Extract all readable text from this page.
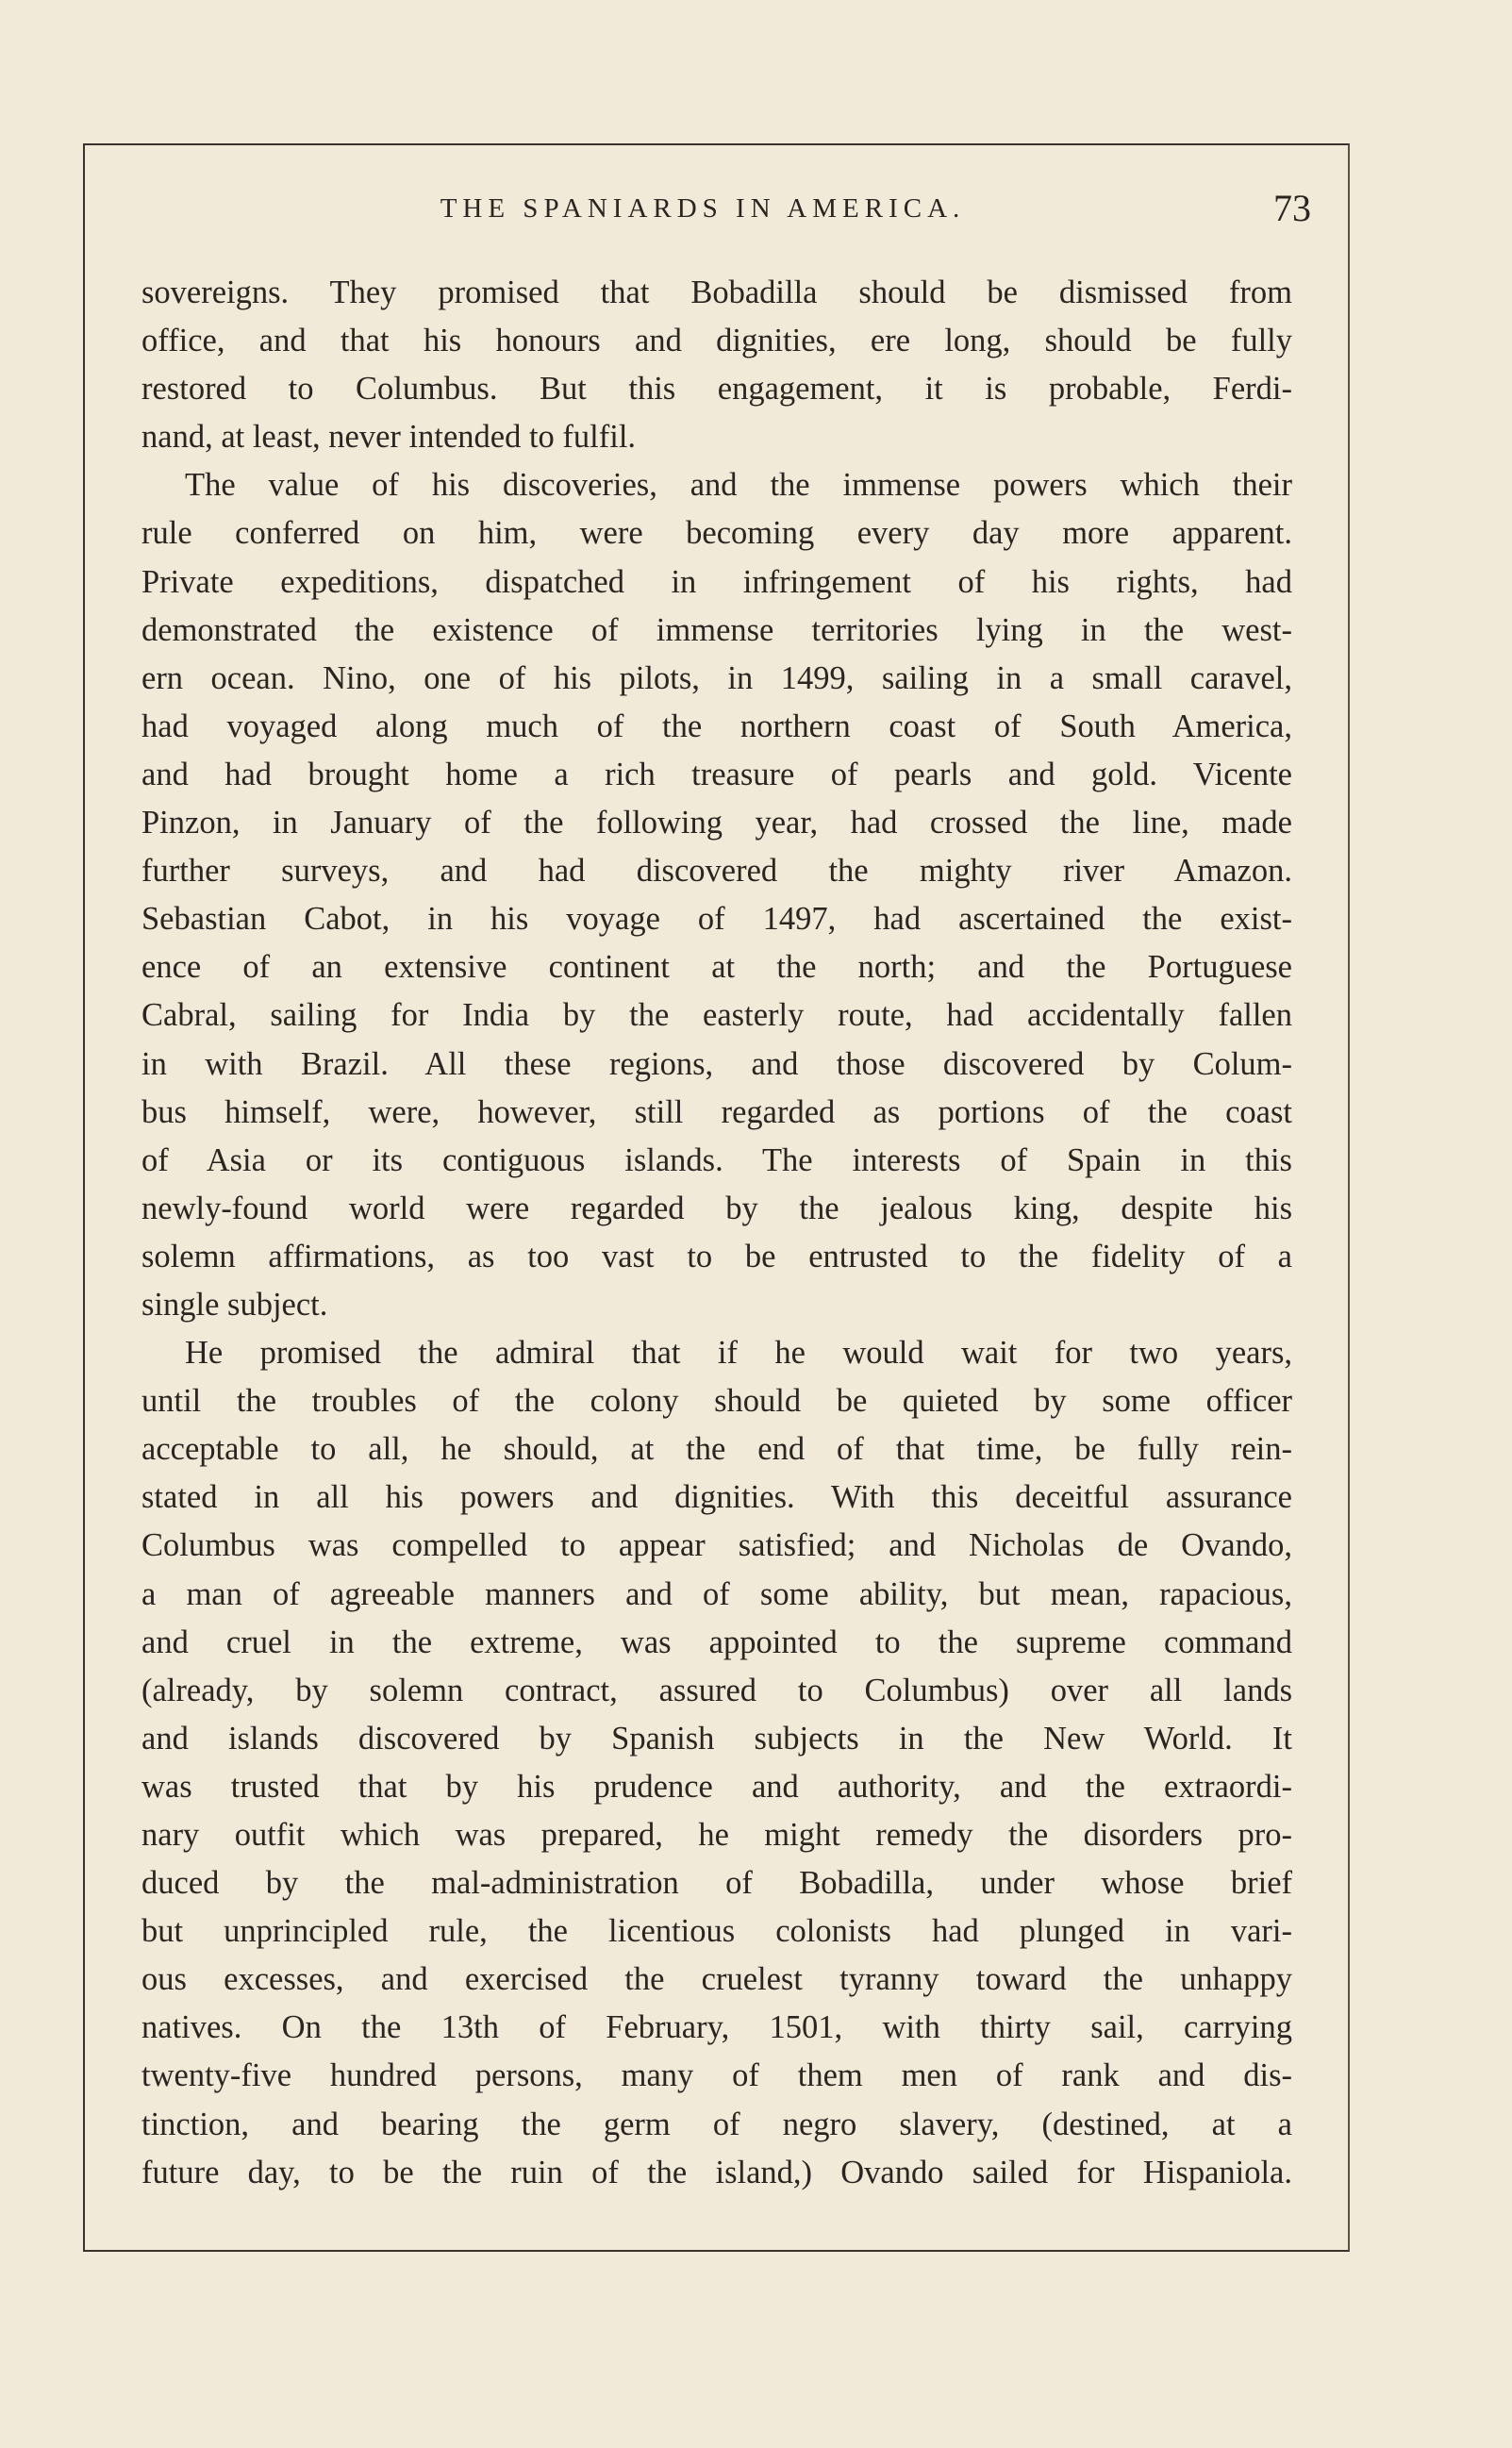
THE SPANIARDS IN AMERICA.	73
sovereigns. They promised that Bobadilla should be dismissed from
office, and that his honours and dignities, ere long, should be fully
restored to Columbus. But this engagement, it is probable, Ferdi-
nand, at least, never intended to fulfil.
The value of his discoveries, and the immense powers which their
rule conferred on him, were becoming every day more apparent.
Private expeditions, dispatched in infringement of his rights, had
demonstrated the existence of immense territories lying in the west-
ern ocean. Nino, one of his pilots, in 1499, sailing in a small caravel,
had voyaged along much of the northern coast of South America,
and had brought home a rich treasure of pearls and gold. Vicente
Pinzon, in January of the following year, had crossed the line, made
further surveys, and had discovered the mighty river Amazon.
Sebastian Cabot, in his voyage of 1497, had ascertained the exist-
ence of an extensive continent at the north; and the Portuguese
Cabral, sailing for India by the easterly route, had accidentally fallen
in with Brazil. All these regions, and those discovered by Colum-
bus himself, were, however, still regarded as portions of the coast
of Asia or its contiguous islands. The interests of Spain in this
newly-found world were regarded by the jealous king, despite his
solemn affirmations, as too vast to be entrusted to the fidelity of a
single subject.
He promised the admiral that if he would wait for two years,
until the troubles of the colony should be quieted by some officer
acceptable to all, he should, at the end of that time, be fully rein-
stated in all his powers and dignities. With this deceitful assurance
Columbus was compelled to appear satisfied; and Nicholas de Ovando,
a man of agreeable manners and of some ability, but mean, rapacious,
and cruel in the extreme, was appointed to the supreme command
(already, by solemn contract, assured to Columbus) over all lands
and islands discovered by Spanish subjects in the New World. It
was trusted that by his prudence and authority, and the extraordi-
nary outfit which was prepared, he might remedy the disorders pro-
duced by the mal-administration of Bobadilla, under whose brief
but unprincipled rule, the licentious colonists had plunged in vari-
ous excesses, and exercised the cruelest tyranny toward the unhappy
natives. On the 13th of February, 1501, with thirty sail, carrying
twenty-five hundred persons, many of them men of rank and dis-
tinction, and bearing the germ of negro slavery, (destined, at a
future day, to be the ruin of the island,) Ovando sailed for Hispaniola.
